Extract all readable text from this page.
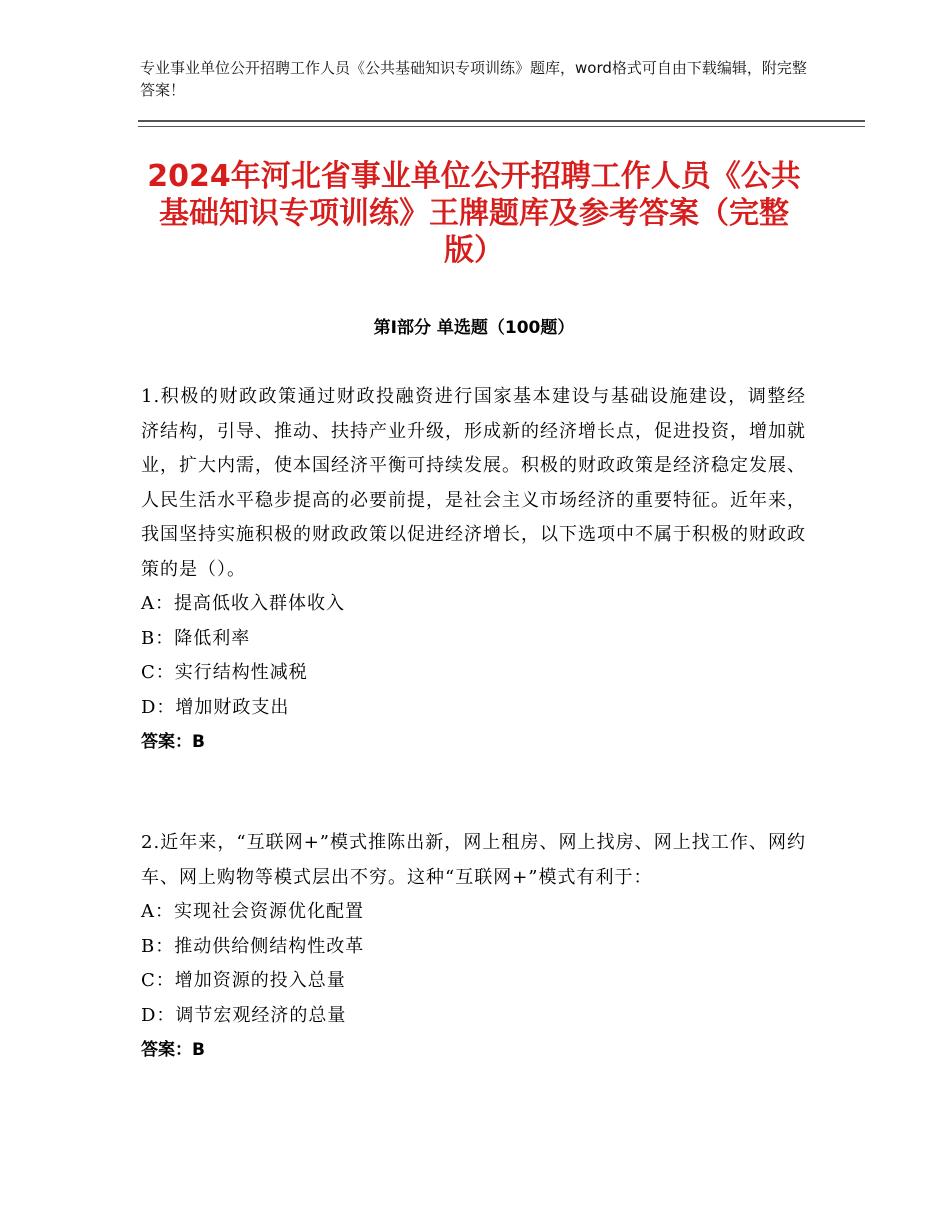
专业事业单位公开招聘工作人员《公共基础知识专项训练》题库，word格式可自由下载编辑，附完整答案！
2024年河北省事业单位公开招聘工作人员《公共基础知识专项训练》王牌题库及参考答案（完整版）
第Ⅰ部分 单选题（100题）

1.积极的财政政策通过财政投融资进行国家基本建设与基础设施建设，调整经济结构，引导、推动、扶持产业升级，形成新的经济增长点，促进投资，增加就业，扩大内需，使本国经济平衡可持续发展。积极的财政政策是经济稳定发展、人民生活水平稳步提高的必要前提，是社会主义市场经济的重要特征。近年来，我国坚持实施积极的财政政策以促进经济增长，以下选项中不属于积极的财政政策的是（）。

A：提高低收入群体收入
B：降低利率
C：实行结构性减税
D：增加财政支出
答案：B

2.近年来，“互联网+”模式推陈出新，网上租房、网上找房、网上找工作、网约车、网上购物等模式层出不穷。这种“互联网+”模式有利于：

A：实现社会资源优化配置
B：推动供给侧结构性改革
C：增加资源的投入总量
D：调节宏观经济的总量
答案：B
